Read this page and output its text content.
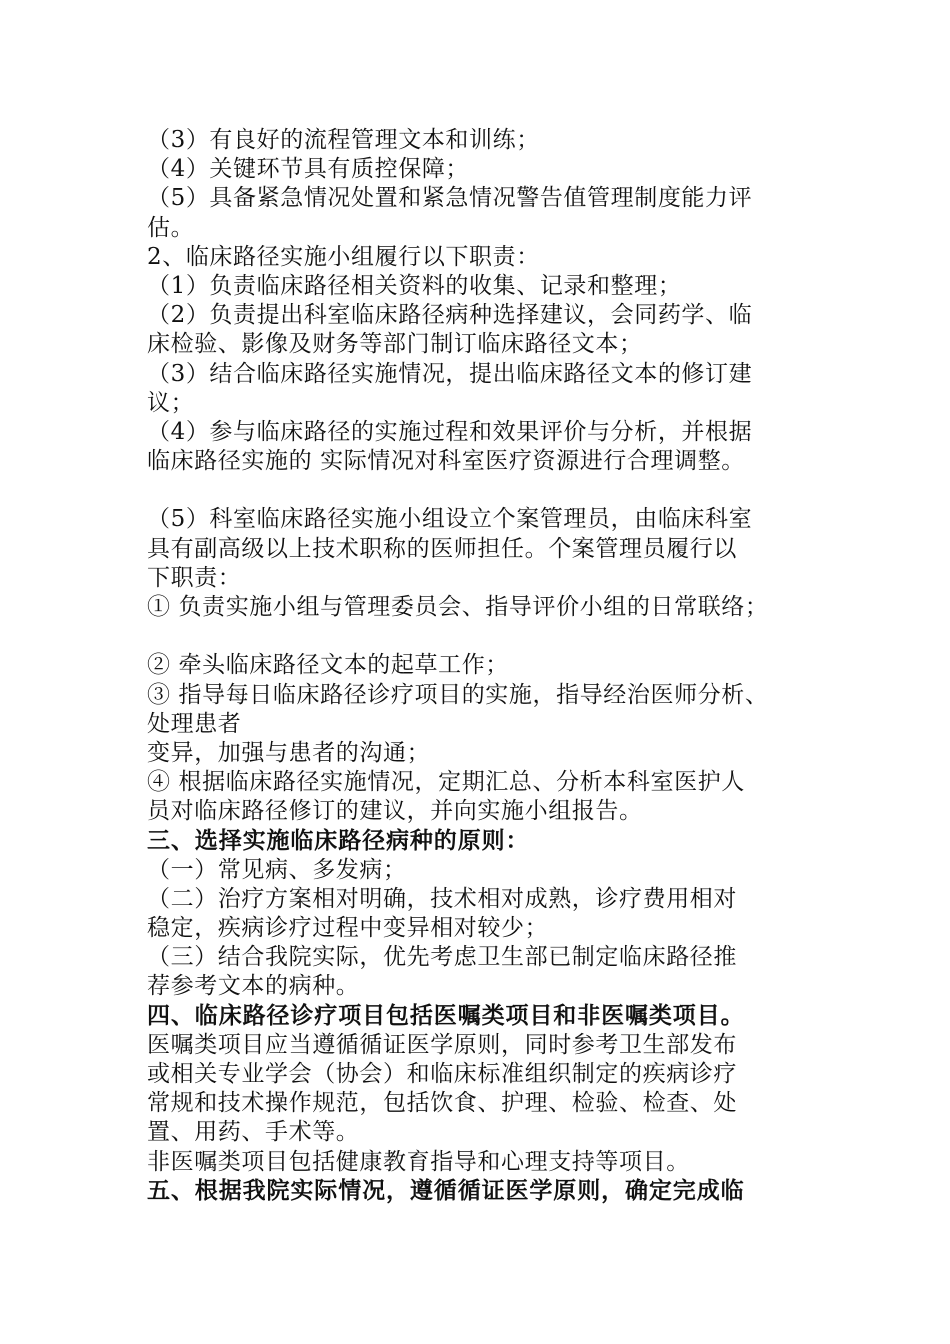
（3）有良好的流程管理文本和训练；
（4）关键环节具有质控保障；
（5）具备紧急情况处置和紧急情况警告值管理制度能力评
估。
2、临床路径实施小组履行以下职责：
（1）负责临床路径相关资料的收集、记录和整理；
（2）负责提出科室临床路径病种选择建议，会同药学、临
床检验、影像及财务等部门制订临床路径文本；
（3）结合临床路径实施情况，提出临床路径文本的修订建
议；
（4）参与临床路径的实施过程和效果评价与分析，并根据
临床路径实施的 实际情况对科室医疗资源进行合理调整。
（5）科室临床路径实施小组设立个案管理员，由临床科室
具有副高级以上技术职称的医师担任。个案管理员履行以
下职责：
① 负责实施小组与管理委员会、指导评价小组的日常联络；
② 牵头临床路径文本的起草工作；
③ 指导每日临床路径诊疗项目的实施，指导经治医师分析、
处理患者
变异，加强与患者的沟通；
④ 根据临床路径实施情况，定期汇总、分析本科室医护人
员对临床路径修订的建议，并向实施小组报告。
三、选择实施临床路径病种的原则：
（一）常见病、多发病；
（二）治疗方案相对明确，技术相对成熟，诊疗费用相对
稳定，疾病诊疗过程中变异相对较少；
（三）结合我院实际，优先考虑卫生部已制定临床路径推
荐参考文本的病种。
四、临床路径诊疗项目包括医嘱类项目和非医嘱类项目。
医嘱类项目应当遵循循证医学原则，同时参考卫生部发布
或相关专业学会（协会）和临床标准组织制定的疾病诊疗
常规和技术操作规范，包括饮食、护理、检验、检查、处
置、用药、手术等。
非医嘱类项目包括健康教育指导和心理支持等项目。
五、根据我院实际情况，遵循循证医学原则，确定完成临
